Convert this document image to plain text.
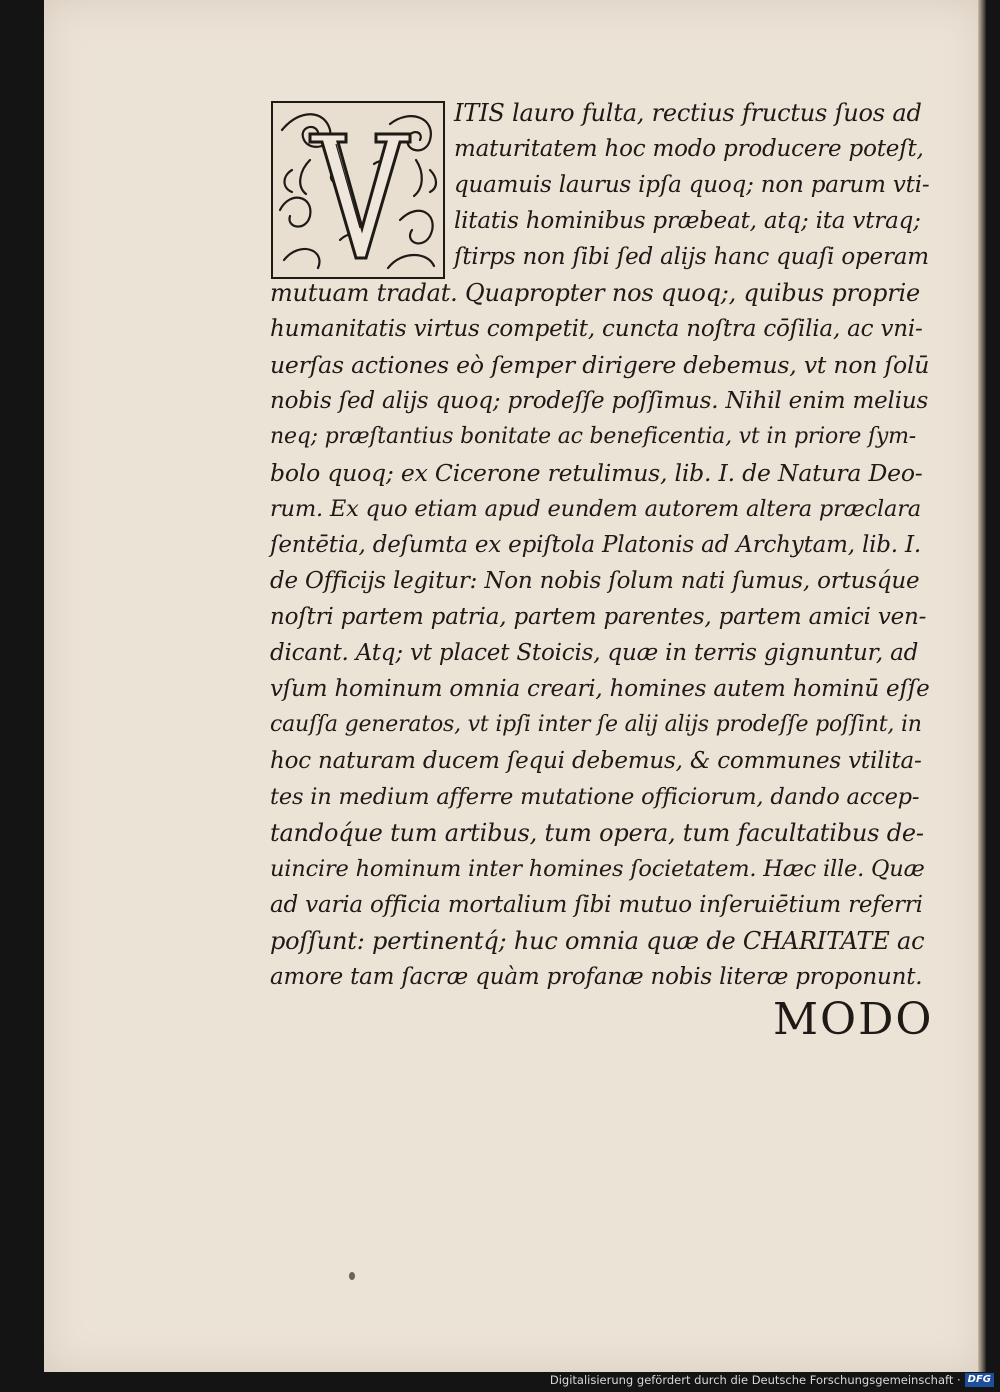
ITIS lauro fulta, rectius fructus ſuos ad
maturitatem hoc modo producere poteſt,
quamuis laurus ipſa quoq; non parum vti-
litatis hominibus præbeat, atq; ita vtraq;
ſtirps non ſibi ſed alijs hanc quaſi operam
mutuam tradat. Quapropter nos quoq;, quibus proprie
humanitatis virtus competit, cuncta noſtra cōſilia, ac vni-
uerſas actiones eò ſemper dirigere debemus, vt non ſolū
nobis ſed alijs quoq; prodeſſe poſſimus. Nihil enim melius
neq; præſtantius bonitate ac beneficentia, vt in priore ſym-
bolo quoq; ex Cicerone retulimus, lib. I. de Natura Deo-
rum. Ex quo etiam apud eundem autorem altera præclara
ſentētia, deſumta ex epiſtola Platonis ad Archytam, lib. I.
de Officijs legitur: Non nobis ſolum nati ſumus, ortusq́ue
noſtri partem patria, partem parentes, partem amici ven-
dicant. Atq; vt placet Stoicis, quæ in terris gignuntur, ad
vſum hominum omnia creari, homines autem hominū eſſe
cauſſa generatos, vt ipſi inter ſe alij alijs prodeſſe poſſint, in
hoc naturam ducem ſequi debemus, & communes vtilita-
tes in medium afferre mutatione officiorum, dando accep-
tandoq́ue tum artibus, tum opera, tum facultatibus de-
uincire hominum inter homines ſocietatem. Hæc ille. Quæ
ad varia officia mortalium ſibi mutuo inſeruiētium referri
poſſunt: pertinentq́; huc omnia quæ de CHARITATE ac
amore tam ſacræ quàm profanæ nobis literæ proponunt.
MODO
Digitalisierung gefördert durch die Deutsche Forschungsgemeinschaft · DFG
